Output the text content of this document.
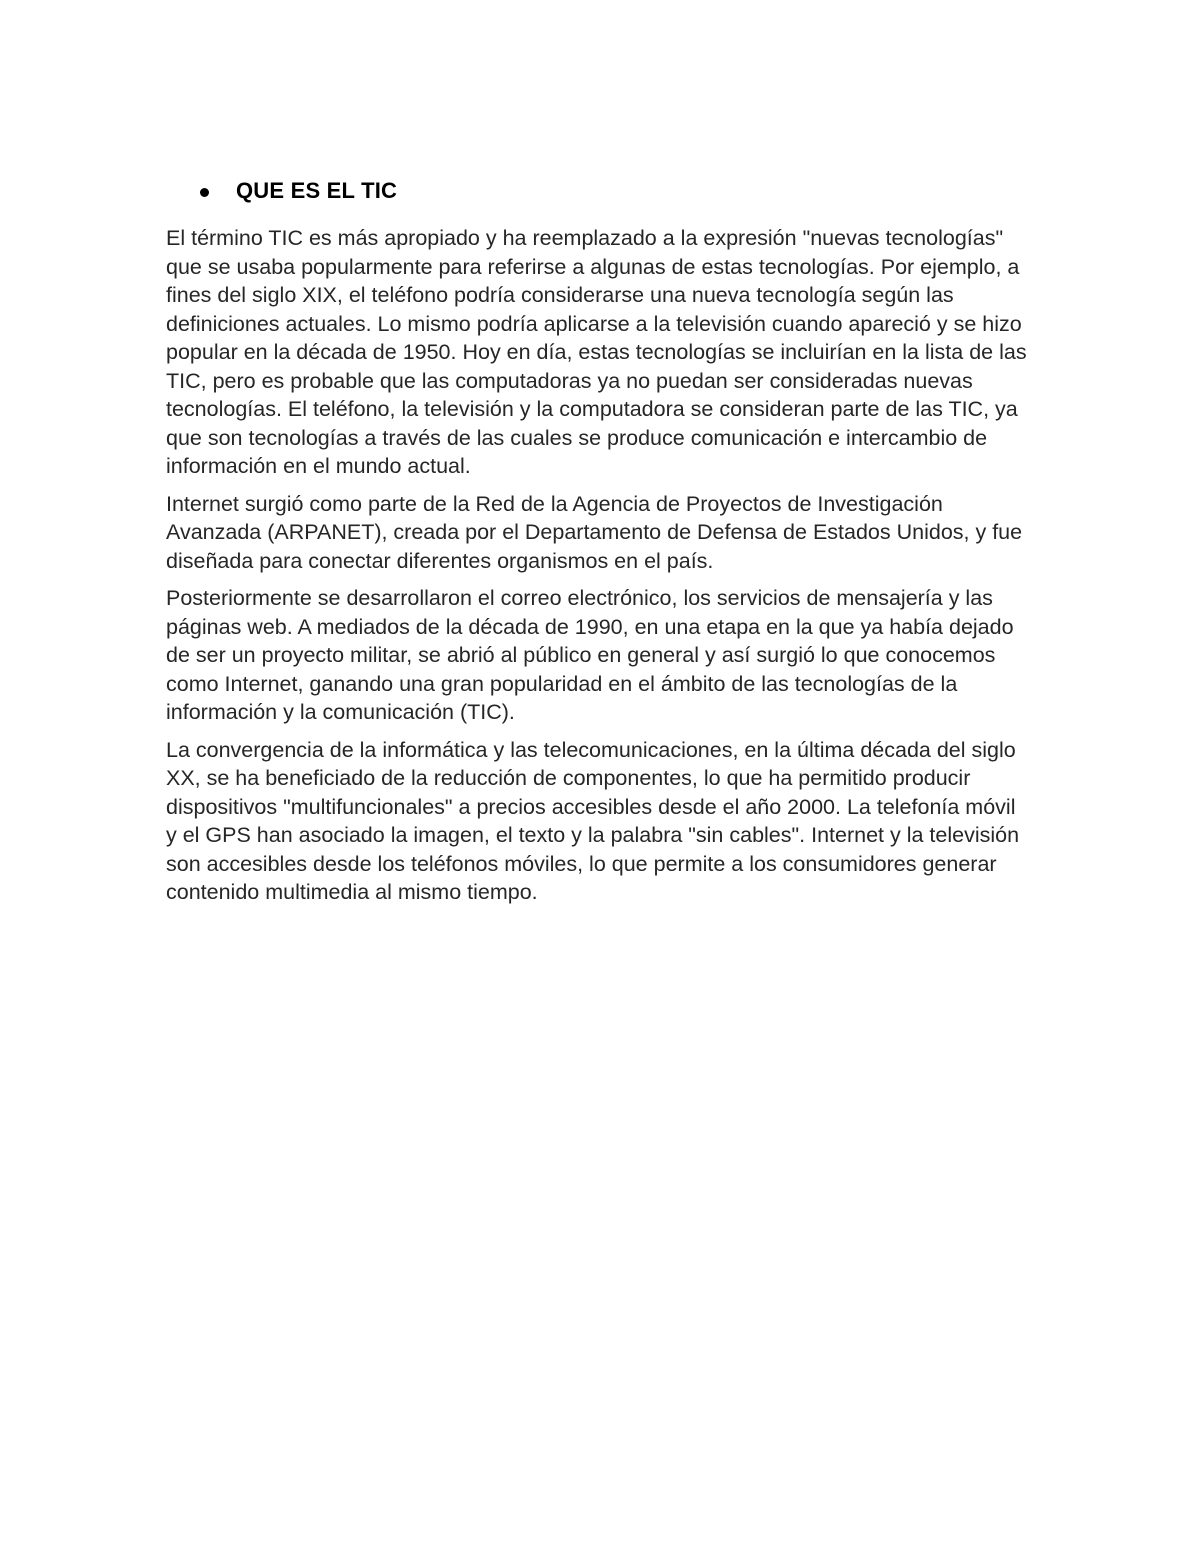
QUE ES EL TIC

El término TIC es más apropiado y ha reemplazado a la expresión "nuevas tecnologías" que se usaba popularmente para referirse a algunas de estas tecnologías. Por ejemplo, a fines del siglo XIX, el teléfono podría considerarse una nueva tecnología según las definiciones actuales. Lo mismo podría aplicarse a la televisión cuando apareció y se hizo popular en la década de 1950. Hoy en día, estas tecnologías se incluirían en la lista de las TIC, pero es probable que las computadoras ya no puedan ser consideradas nuevas tecnologías. El teléfono, la televisión y la computadora se consideran parte de las TIC, ya que son tecnologías a través de las cuales se produce comunicación e intercambio de información en el mundo actual.

Internet surgió como parte de la Red de la Agencia de Proyectos de Investigación Avanzada (ARPANET), creada por el Departamento de Defensa de Estados Unidos, y fue diseñada para conectar diferentes organismos en el país.

Posteriormente se desarrollaron el correo electrónico, los servicios de mensajería y las páginas web. A mediados de la década de 1990, en una etapa en la que ya había dejado de ser un proyecto militar, se abrió al público en general y así surgió lo que conocemos como Internet, ganando una gran popularidad en el ámbito de las tecnologías de la información y la comunicación (TIC).

La convergencia de la informática y las telecomunicaciones, en la última década del siglo XX, se ha beneficiado de la reducción de componentes, lo que ha permitido producir dispositivos "multifuncionales" a precios accesibles desde el año 2000. La telefonía móvil y el GPS han asociado la imagen, el texto y la palabra "sin cables". Internet y la televisión son accesibles desde los teléfonos móviles, lo que permite a los consumidores generar contenido multimedia al mismo tiempo.
